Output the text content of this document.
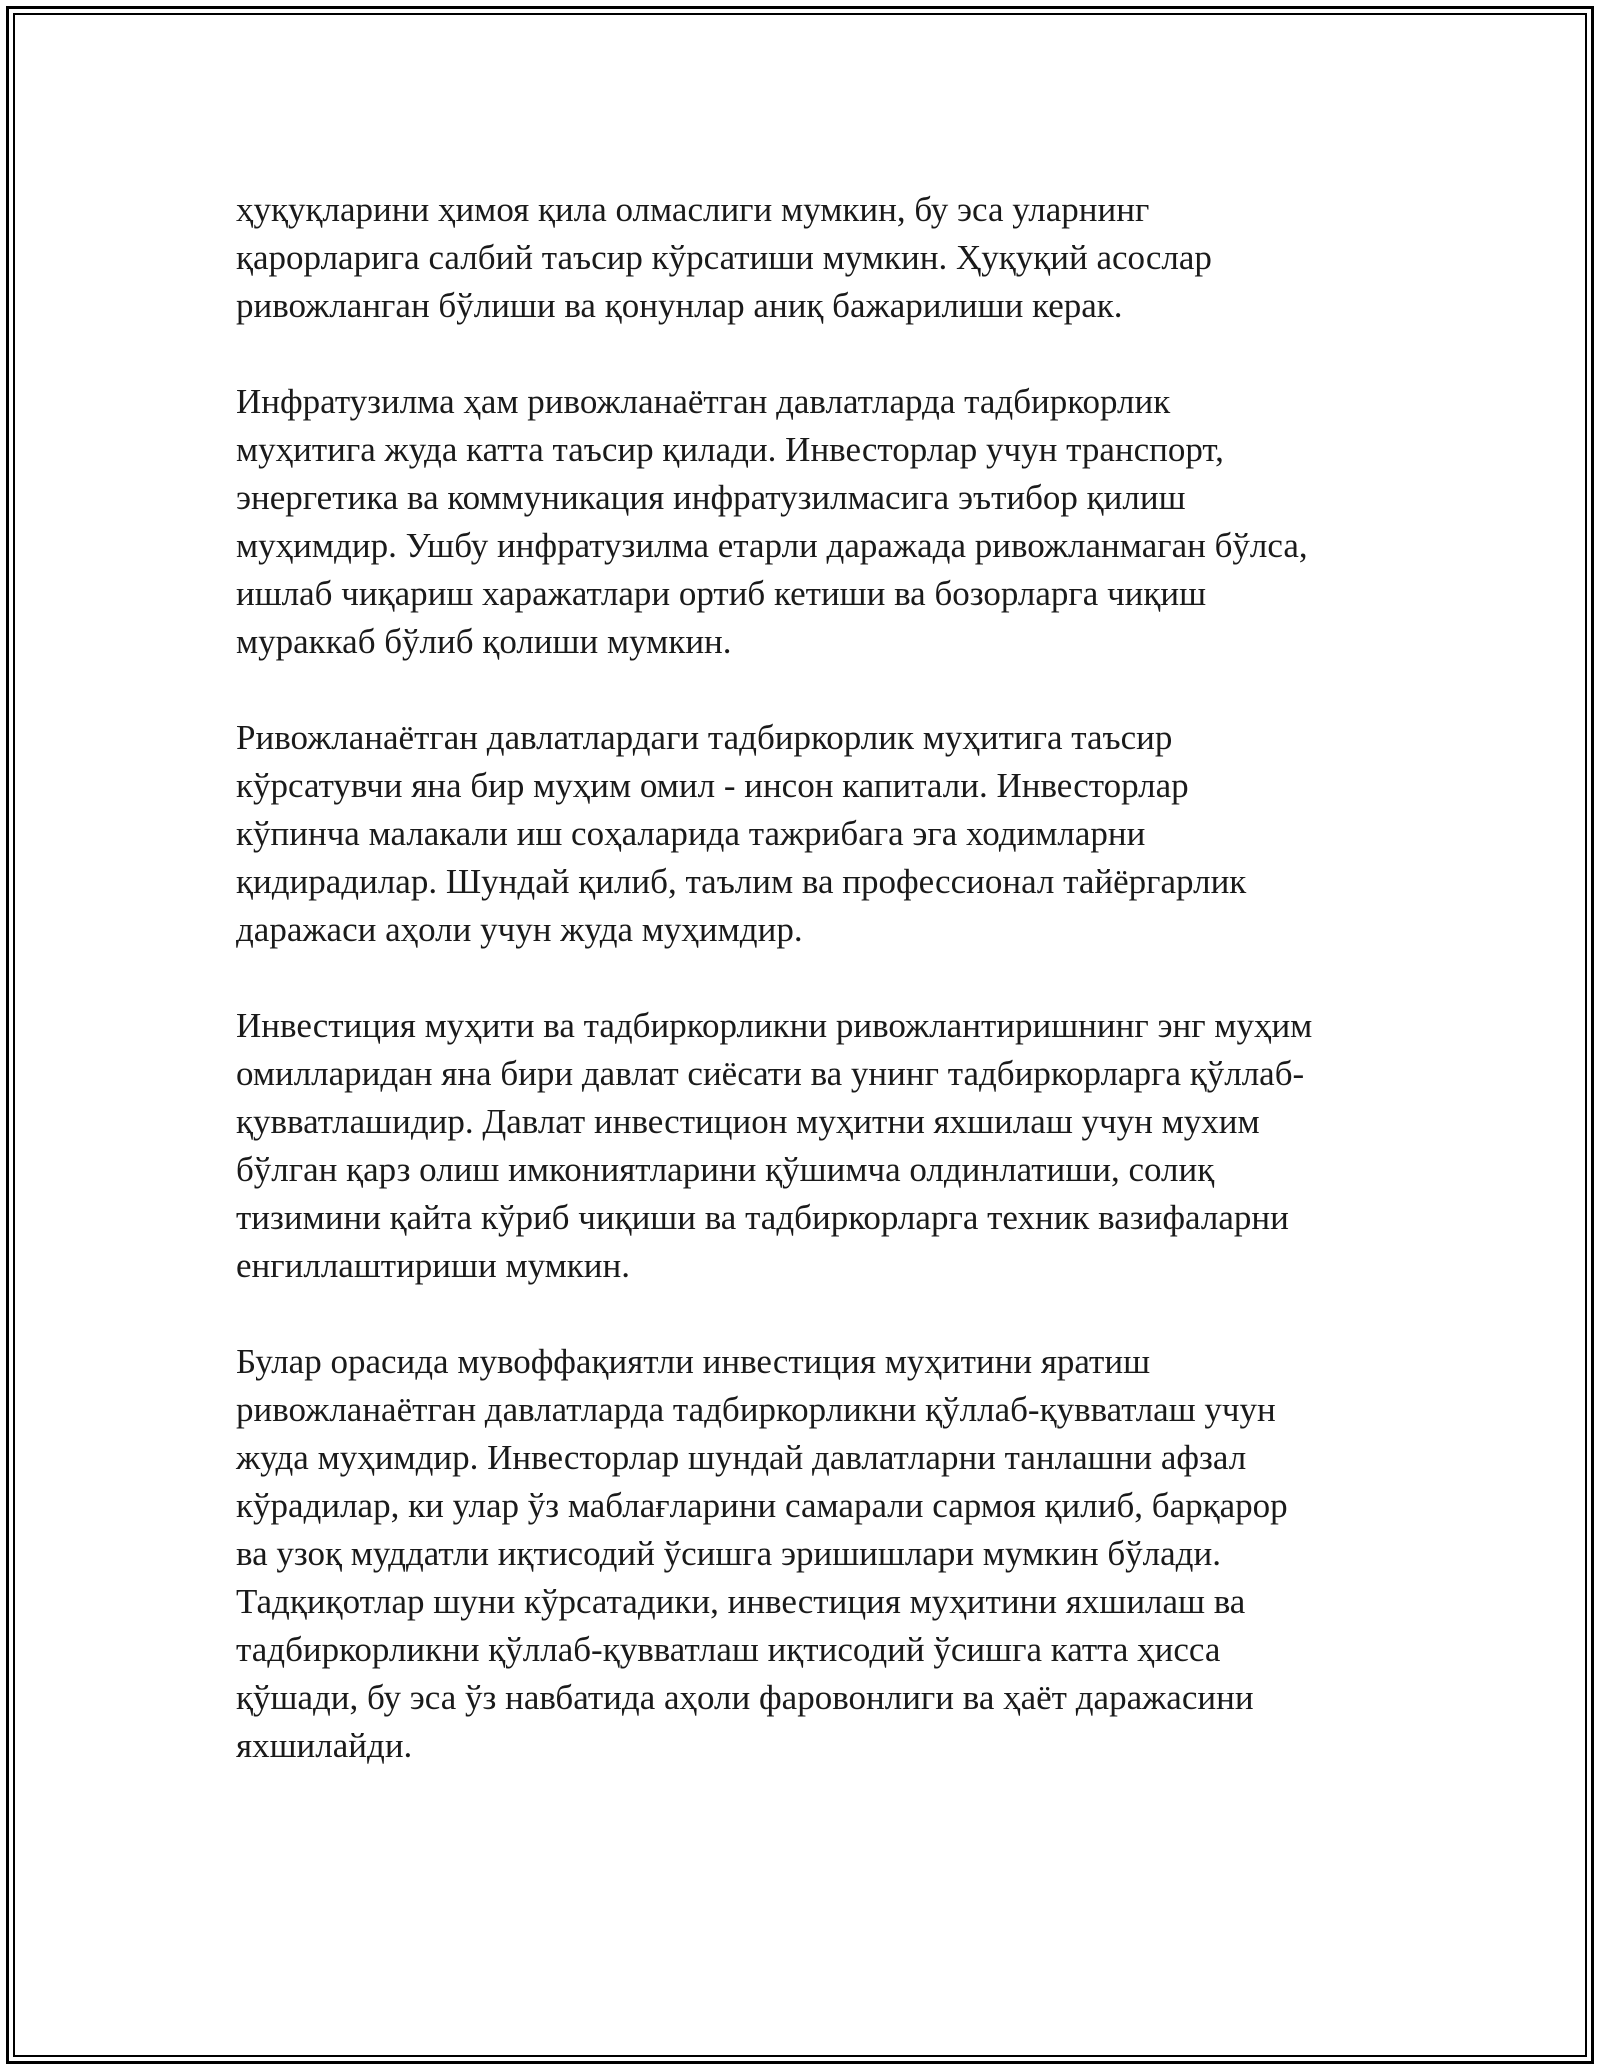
ҳуқуқларини ҳимоя қила олмаслиги мумкин, бу эса уларнинг
қарорларига салбий таъсир кўрсатиши мумкин. Ҳуқуқий асослар
ривожланган бўлиши ва қонунлар аниқ бажарилиши керак.
Инфратузилма ҳам ривожланаётган давлатларда тадбиркорлик
муҳитига жуда катта таъсир қилади. Инвесторлар учун транспорт,
энергетика ва коммуникация инфратузилмасига эътибор қилиш
муҳимдир. Ушбу инфратузилма етарли даражада ривожланмаган бўлса,
ишлаб чиқариш харажатлари ортиб кетиши ва бозорларга чиқиш
мураккаб бўлиб қолиши мумкин.
Ривожланаётган давлатлардаги тадбиркорлик муҳитига таъсир
кўрсатувчи яна бир муҳим омил - инсон капитали. Инвесторлар
кўпинча малакали иш соҳаларида тажрибага эга ходимларни
қидирадилар. Шундай қилиб, таълим ва профессионал тайёргарлик
даражаси аҳоли учун жуда муҳимдир.
Инвестиция муҳити ва тадбиркорликни ривожлантиришнинг энг муҳим
омилларидан яна бири давлат сиёсати ва унинг тадбиркорларга қўллаб-
қувватлашидир. Давлат инвестицион муҳитни яхшилаш учун мухим
бўлган қарз олиш имкониятларини қўшимча олдинлатиши, солиқ
тизимини қайта кўриб чиқиши ва тадбиркорларга техник вазифаларни
енгиллаштириши мумкин.
Булар орасида мувоффақиятли инвестиция муҳитини яратиш
ривожланаётган давлатларда тадбиркорликни қўллаб-қувватлаш учун
жуда муҳимдир. Инвесторлар шундай давлатларни танлашни афзал
кўрадилар, ки улар ўз маблағларини самарали сармоя қилиб, барқарор
ва узоқ муддатли иқтисодий ўсишга эришишлари мумкин бўлади.
Тадқиқотлар шуни кўрсатадики, инвестиция муҳитини яхшилаш ва
тадбиркорликни қўллаб-қувватлаш иқтисодий ўсишга катта ҳисса
қўшади, бу эса ўз навбатида аҳоли фаровонлиги ва ҳаёт даражасини
яхшилайди.
